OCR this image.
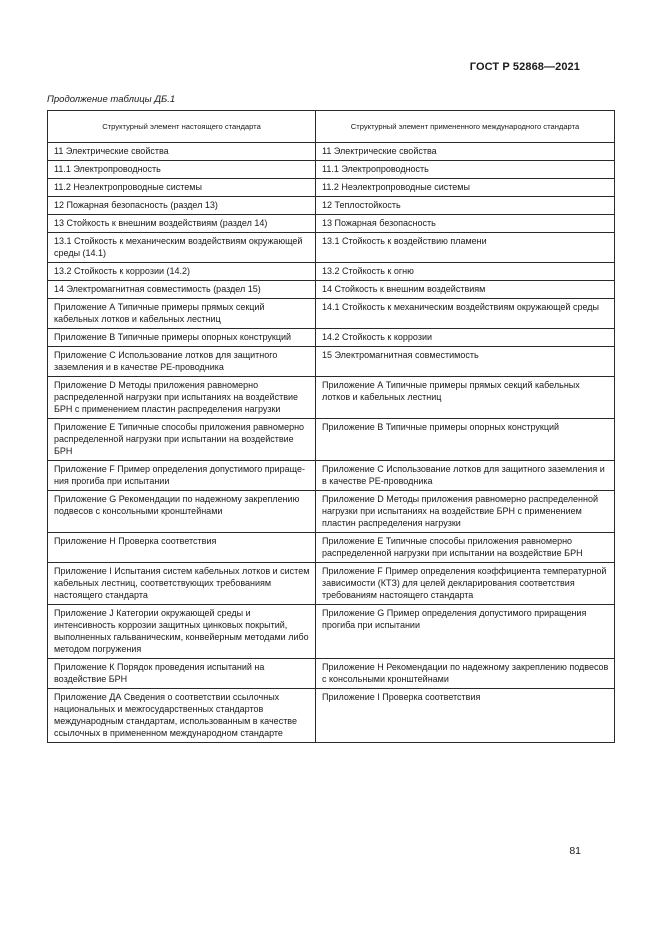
ГОСТ Р 52868—2021
Продолжение таблицы ДБ.1
Структурный элемент настоящего стандарта	Структурный элемент примененного международного стандарта
11 Электрические свойства	11 Электрические свойства
11.1 Электропроводность	11.1 Электропроводность
11.2 Неэлектропроводные системы	11.2 Неэлектропроводные системы
12 Пожарная безопасность (раздел 13)	12 Теплостойкость
13 Стойкость к внешним воздействиям (раздел 14)	13 Пожарная безопасность
13.1 Стойкость к механическим воздействиям окружающей среды (14.1)	13.1 Стойкость к воздействию пламени
13.2 Стойкость к коррозии (14.2)	13.2 Стойкость к огню
14 Электромагнитная совместимость (раздел 15)	14 Стойкость к внешним воздействиям
Приложение А Типичные примеры прямых секций кабельных лотков и кабельных лестниц	14.1 Стойкость к механическим воздействиям окружающей среды
Приложение В Типичные примеры опорных конструкций	14.2 Стойкость к коррозии
Приложение С Использование лотков для защитного заземления и в качестве РЕ-проводника	15 Электромагнитная совместимость
Приложение D Методы приложения равномерно распределенной нагрузки при испытаниях на воздействие БРН с применением пластин распределения нагрузки	Приложение А Типичные примеры прямых секций кабельных лотков и кабельных лестниц
Приложение Е Типичные способы приложения равномерно распределенной нагрузки при испытании на воздействие БРН	Приложение В Типичные примеры опорных конструкций
Приложение F Пример определения допустимого приращения прогиба при испытании	Приложение С Использование лотков для защитного заземления и в качестве РЕ-проводника
Приложение G Рекомендации по надежному закреплению подвесов с консольными кронштейнами	Приложение D Методы приложения равномерно распределенной нагрузки при испытаниях на воздействие БРН с применением пластин распределения нагрузки
Приложение Н Проверка соответствия	Приложение Е Типичные способы приложения равномерно распределенной нагрузки при испытании на воздействие БРН
Приложение I Испытания систем кабельных лотков и систем кабельных лестниц, соответствующих требованиям настоящего стандарта	Приложение F Пример определения коэффициента температурной зависимости (КТЗ) для целей декларирования соответствия требованиям настоящего стандарта
Приложение J Категории окружающей среды и интенсивность коррозии защитных цинковых покрытий, выполненных гальваническим, конвейерным методами либо методом погружения	Приложение G Пример определения допустимого приращения прогиба при испытании
Приложение К Порядок проведения испытаний на воздействие БРН	Приложение Н Рекомендации по надежному закреплению подвесов с консольными кронштейнами
Приложение ДА Сведения о соответствии ссылочных национальных и межгосударственных стандартов международным стандартам, использованным в качестве ссылочных в примененном международном стандарте	Приложение I Проверка соответствия
81
